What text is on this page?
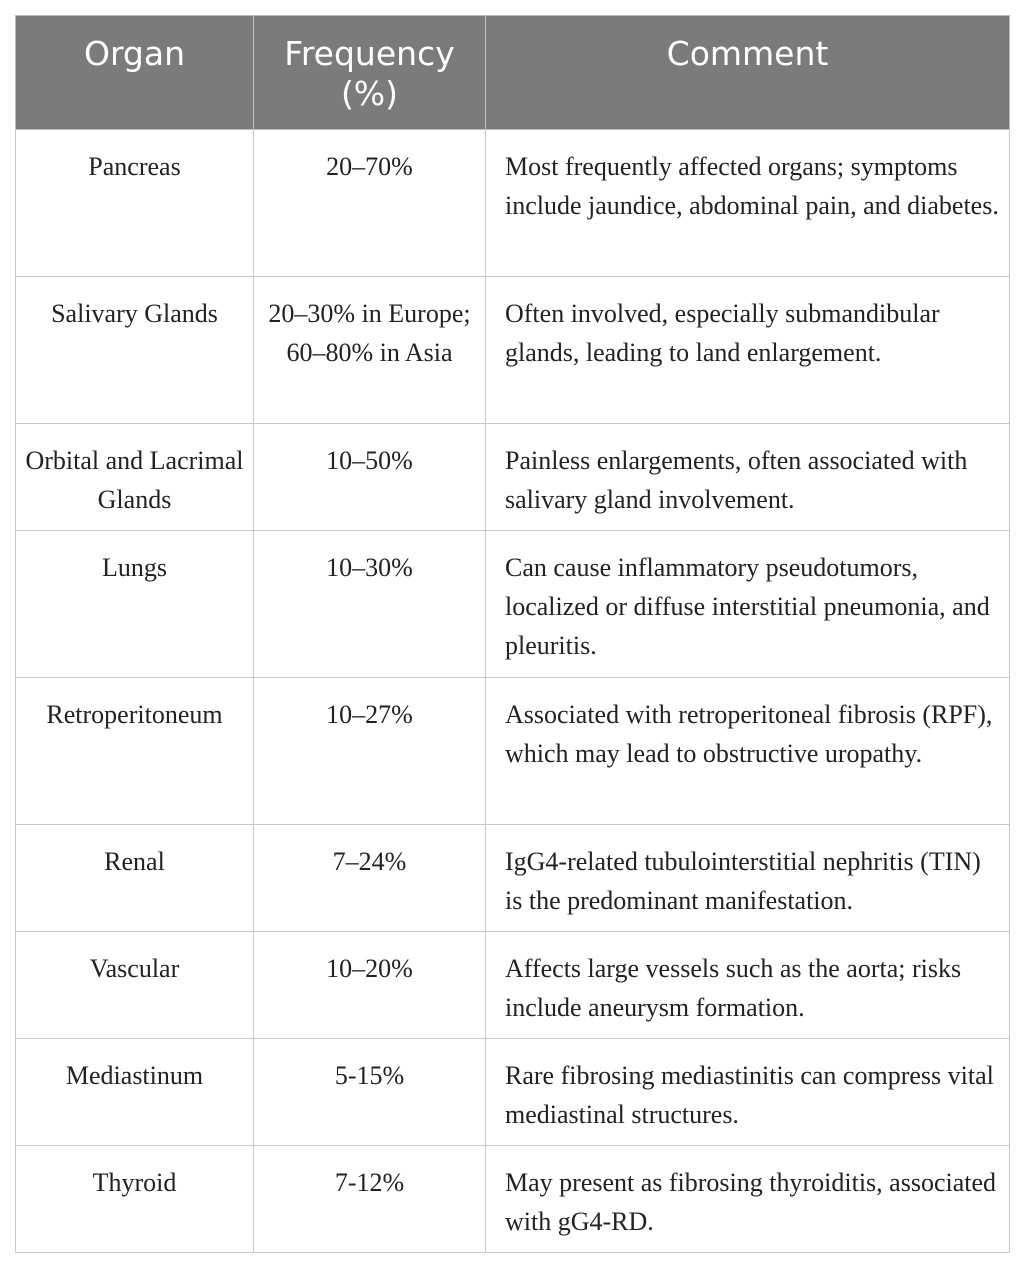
Organ	Frequency (%)	Comment
Pancreas	20–70%	Most frequently affected organs; symptoms include jaundice, abdominal pain, and diabetes.
Salivary Glands	20–30% in Europe; 60–80% in Asia	Often involved, especially submandibular glands, leading to land enlargement.
Orbital and Lacrimal Glands	10–50%	Painless enlargements, often associated with salivary gland involvement.
Lungs	10–30%	Can cause inflammatory pseudotumors, localized or diffuse interstitial pneumonia, and pleuritis.
Retroperitoneum	10–27%	Associated with retroperitoneal fibrosis (RPF), which may lead to obstructive uropathy.
Renal	7–24%	IgG4-related tubulointerstitial nephritis (TIN) is the predominant manifestation.
Vascular	10–20%	Affects large vessels such as the aorta; risks include aneurysm formation.
Mediastinum	5-15%	Rare fibrosing mediastinitis can compress vital mediastinal structures.
Thyroid	7-12%	May present as fibrosing thyroiditis, associated with gG4-RD.
